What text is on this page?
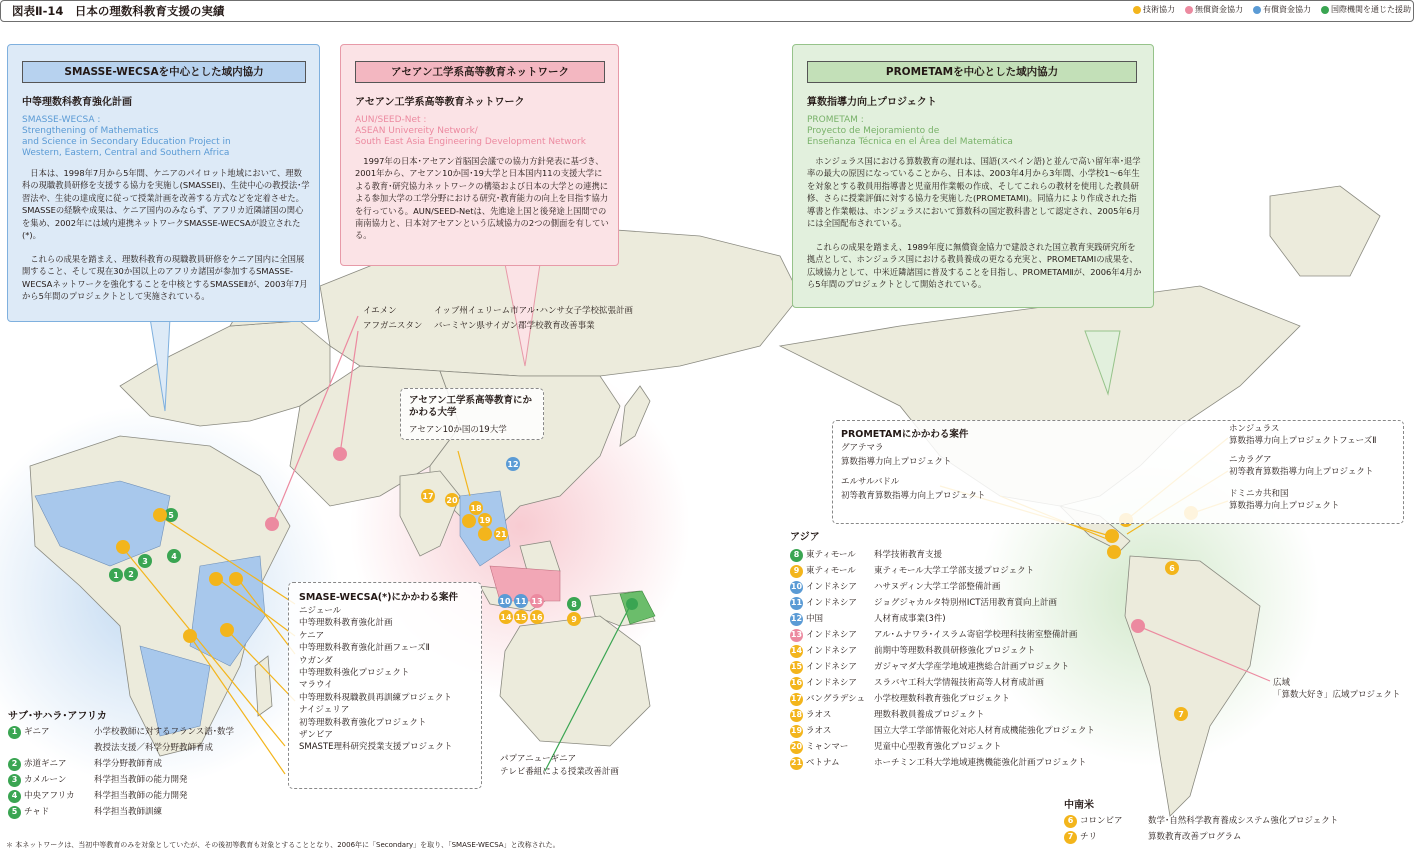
図表Ⅱ-14　日本の理数科教育支援の実績	技術協力	無償資金協力	有償資金協力	国際機関を通じた援助
1 2
3
4
5
6
7
8
9
10 11
12
13
14 15 16
17
18
19
20
21
SMASSE-WECSAを中心とした域内協力
中等理数科教育強化計画
SMASSE-WECSA :
Strengthening of Mathematics
and Science in Secondary Education Project in
Western, Eastern, Central and Southern Africa
日本は、1998年7月から5年間、ケニアのパイロット地域において、理数科の現職教員研修を支援する協力を実施し(SMASSEⅠ)、生徒中心の教授法･学習法や、生徒の達成度に従って授業計画を改善する方式などを定着させた。SMASSEの経験や成果は、ケニア国内のみならず、アフリカ近隣諸国の関心を集め、2002年には域内連携ネットワークSMASSE-WECSAが設立された(*)。
これらの成果を踏まえ、理数科教育の現職教員研修をケニア国内に全国展開すること、そして現在30か国以上のアフリカ諸国が参加するSMASSE-WECSAネットワークを強化することを中核とするSMASSEⅡが、2003年7月から5年間のプロジェクトとして実施されている。
アセアン工学系高等教育ネットワーク
アセアン工学系高等教育ネットワーク
AUN/SEED-Net :
ASEAN Univereity Network/
South East Asia Engineering Development Network
1997年の日本･アセアン首脳国会議での協力方針発表に基づき、2001年から、アセアン10か国･19大学と日本国内11の支援大学による教育･研究協力ネットワークの構築および日本の大学との連携による参加大学の工学分野における研究･教育能力の向上を目指す協力を行っている。AUN/SEED-Netは、先進途上国と後発途上国間での南南協力と、日本対アセアンという広域協力の2つの側面を有している。
PROMETAMを中心とした域内協力
算数指導力向上プロジェクト
PROMETAM :
Proyecto de Mejoramiento de
Enseñanza Técnica en el Área del Matemática
ホンジュラス国における算数教育の遅れは、国語(スペイン語)と並んで高い留年率･退学率の最大の原因になっていることから、日本は、2003年4月から3年間、小学校1～6年生を対象とする教員用指導書と児童用作業帳の作成、そしてこれらの教材を使用した教員研修、さらに授業評価に対する協力を実施した(PROMETAMⅠ)。同協力により作成された指導書と作業帳は、ホンジュラスにおいて算数科の国定教科書として認定され、2005年6月には全国配布されている。
これらの成果を踏まえ、1989年度に無償資金協力で建設された国立教育実践研究所を拠点として、ホンジュラス国における教員養成の更なる充実と、PROMETAMⅠの成果を、広域協力として、中米近隣諸国に普及することを目指し、PROMETAMⅡが、2006年4月から5年間のプロジェクトとして開始されている。
イエメン	イッブ州イェリーム市アル･ハンサ女子学校拡張計画
アフガニスタン バーミヤン県サイガン郡学校教育改善事業
アセアン工学系高等教育にかかわる大学
アセアン10か国の19大学
SMASE-WECSA(*)にかかわる案件
ニジェール
中等理数科教育強化計画
ケニア
中等理数科教育強化計画フェーズⅡ
ウガンダ
中等理数科強化プロジェクト
マラウイ
中等理数科現職教員再訓練プロジェクト
ナイジェリア
初等理数科教育強化プロジェクト
ザンビア
SMASTE理科研究授業支援プロジェクト
サブ･サハラ･アフリカ
1 ギニア	小学校教師に対するフランス語･数学
教授法支援／科学分野教師育成
2 赤道ギニア	科学分野教師育成
3 カメルーン	科学担当教師の能力開発
4 中央アフリカ	科学担当教師の能力開発
5 チャド	科学担当教師訓練
パプアニューギニア
テレビ番組による授業改善計画
アジア
8 東ティモール	科学技術教育支援
9 東ティモール	東ティモール大学工学部支援プロジェクト
10 インドネシア	ハサヌディン大学工学部整備計画
11 インドネシア	ジョグジャカルタ特別州ICT活用教育質向上計画
12 中国	人材育成事業(3件)
13 インドネシア	アル･ムナワラ･イスラム寄宿学校理科技術室整備計画
14 インドネシア	前期中等理数科教員研修強化プロジェクト
15 インドネシア	ガジャマダ大学産学地域連携総合計画プロジェクト
16 インドネシア	スラバヤ工科大学情報技術高等人材育成計画
17 バングラデシュ	小学校理数科教育強化プロジェクト
18 ラオス	理数科教員養成プロジェクト
19 ラオス	国立大学工学部情報化対応人材育成機能強化プロジェクト
20 ミャンマー	児童中心型教育強化プロジェクト
21 ベトナム	ホーチミン工科大学地域連携機能強化計画プロジェクト
PROMETAMにかかわる案件
グアテマラ
算数指導力向上プロジェクト
エルサルバドル
初等教育算数指導力向上プロジェクト
ホンジュラス
算数指導力向上プロジェクトフェーズⅡ
ニカラグア
初等教育算数指導力向上プロジェクト
ドミニカ共和国
算数指導力向上プロジェクト
広域
「算数大好き」広域プロジェクト
中南米
6 コロンビア	数学･自然科学教育養成システム強化プロジェクト
7 チリ	算数教育改善プログラム
＊ 本ネットワークは、当初中等教育のみを対象としていたが、その後初等教育も対象とすることとなり、2006年に「Secondary」を取り、「SMASE-WECSA」と改称された。
